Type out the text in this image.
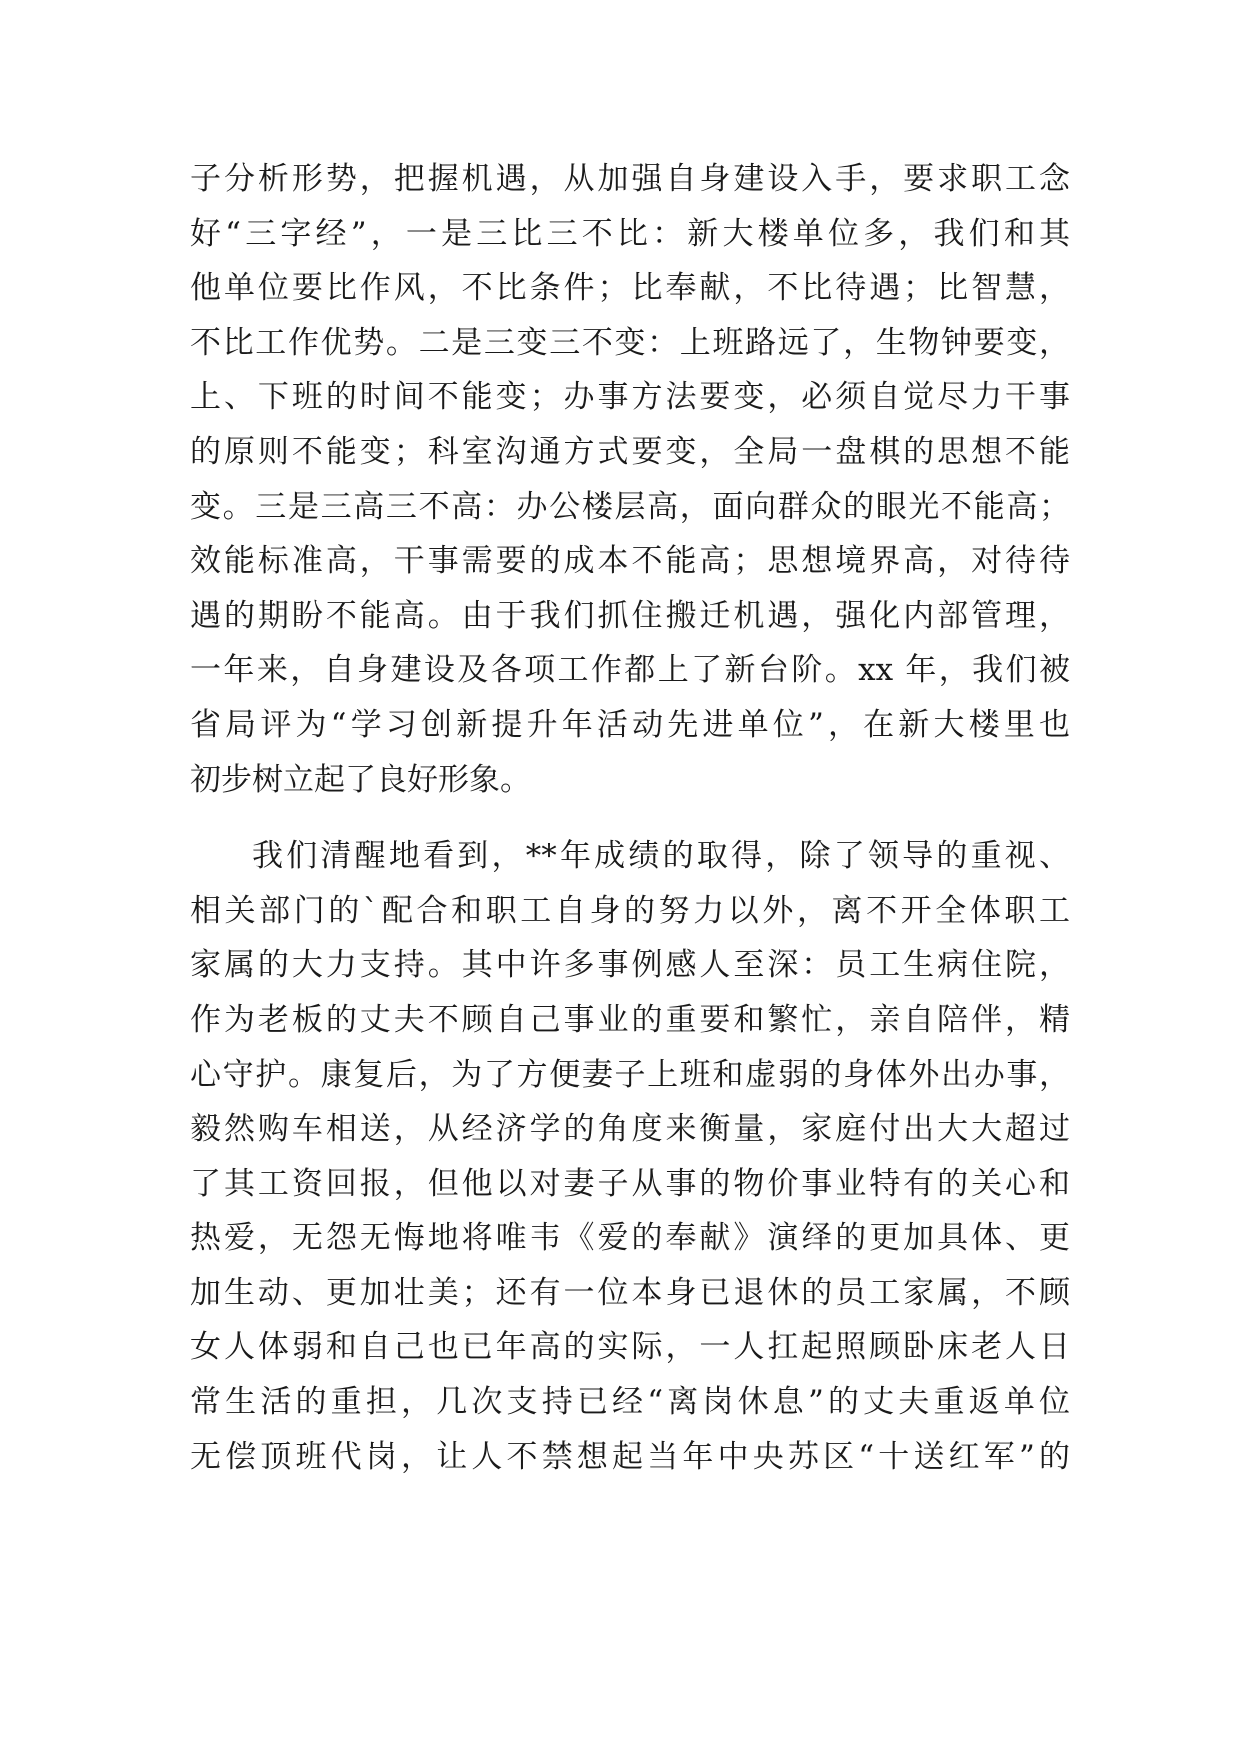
子分析形势，把握机遇，从加强自身建设入手，要求职工念
好“三字经”，一是三比三不比：新大楼单位多，我们和其
他单位要比作风，不比条件；比奉献，不比待遇；比智慧，
不比工作优势。二是三变三不变：上班路远了，生物钟要变，
上、下班的时间不能变；办事方法要变，必须自觉尽力干事
的原则不能变；科室沟通方式要变，全局一盘棋的思想不能
变。三是三高三不高：办公楼层高，面向群众的眼光不能高；
效能标准高，干事需要的成本不能高；思想境界高，对待待
遇的期盼不能高。由于我们抓住搬迁机遇，强化内部管理，
一年来，自身建设及各项工作都上了新台阶。xx 年，我们被
省局评为“学习创新提升年活动先进单位”，在新大楼里也
初步树立起了良好形象。
我们清醒地看到，**年成绩的取得，除了领导的重视、
相关部门的`配合和职工自身的努力以外，离不开全体职工
家属的大力支持。其中许多事例感人至深：员工生病住院，
作为老板的丈夫不顾自己事业的重要和繁忙，亲自陪伴，精
心守护。康复后，为了方便妻子上班和虚弱的身体外出办事，
毅然购车相送，从经济学的角度来衡量，家庭付出大大超过
了其工资回报，但他以对妻子从事的物价事业特有的关心和
热爱，无怨无悔地将唯韦《爱的奉献》演绎的更加具体、更
加生动、更加壮美；还有一位本身已退休的员工家属，不顾
女人体弱和自己也已年高的实际，一人扛起照顾卧床老人日
常生活的重担，几次支持已经“离岗休息”的丈夫重返单位
无偿顶班代岗，让人不禁想起当年中央苏区“十送红军”的
